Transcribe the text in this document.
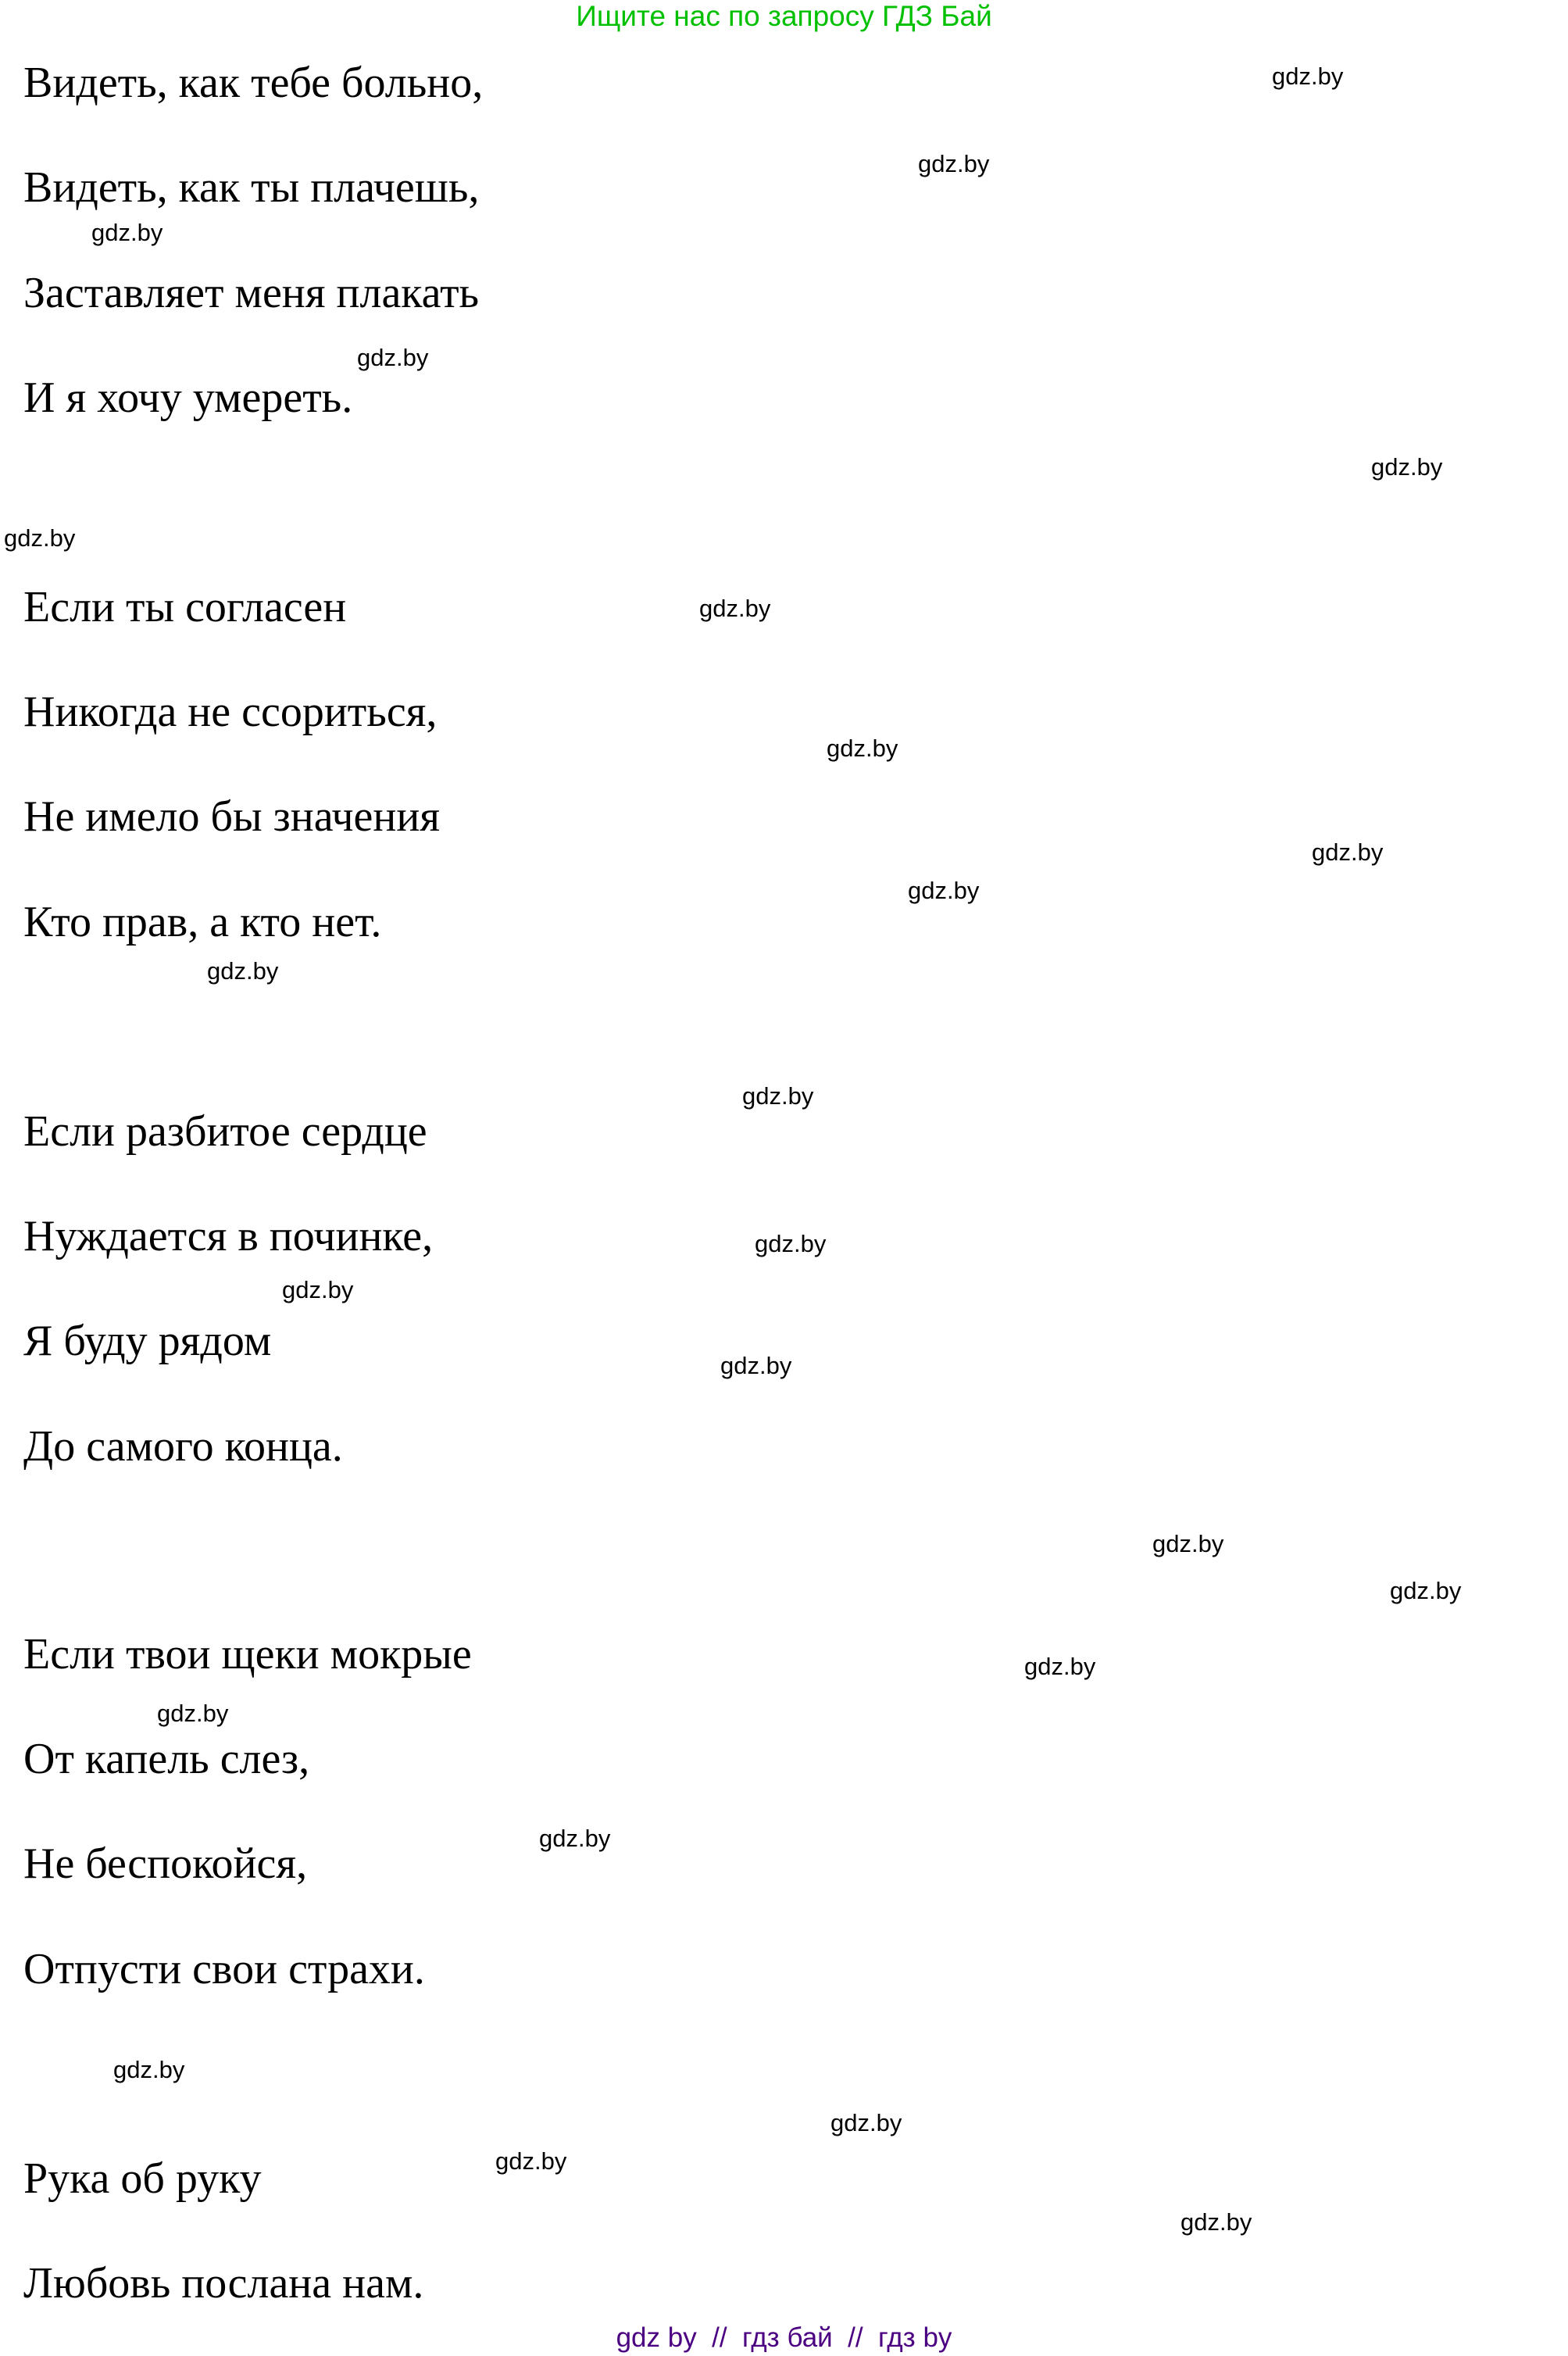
Ищите нас по запросу ГДЗ Бай
Видеть, как тебе больно,
Видеть, как ты плачешь,
Заставляет меня плакать
И я хочу умереть.
Если ты согласен
Никогда не ссориться,
Не имело бы значения
Кто прав, а кто нет.
Если разбитое сердце
Нуждается в починке,
Я буду рядом
До самого конца.
Если твои щеки мокрые
От капель слез,
Не беспокойся,
Отпусти свои страхи.
Рука об руку
Любовь послана нам.
gdz.by
gdz.by
gdz.by
gdz.by
gdz.by
gdz.by
gdz.by
gdz.by
gdz.by
gdz.by
gdz.by
gdz.by
gdz.by
gdz.by
gdz.by
gdz.by
gdz.by
gdz.by
gdz.by
gdz.by
gdz.by
gdz.by
gdz.by
gdz.by
gdz by  //  гдз бай  //  гдз by
